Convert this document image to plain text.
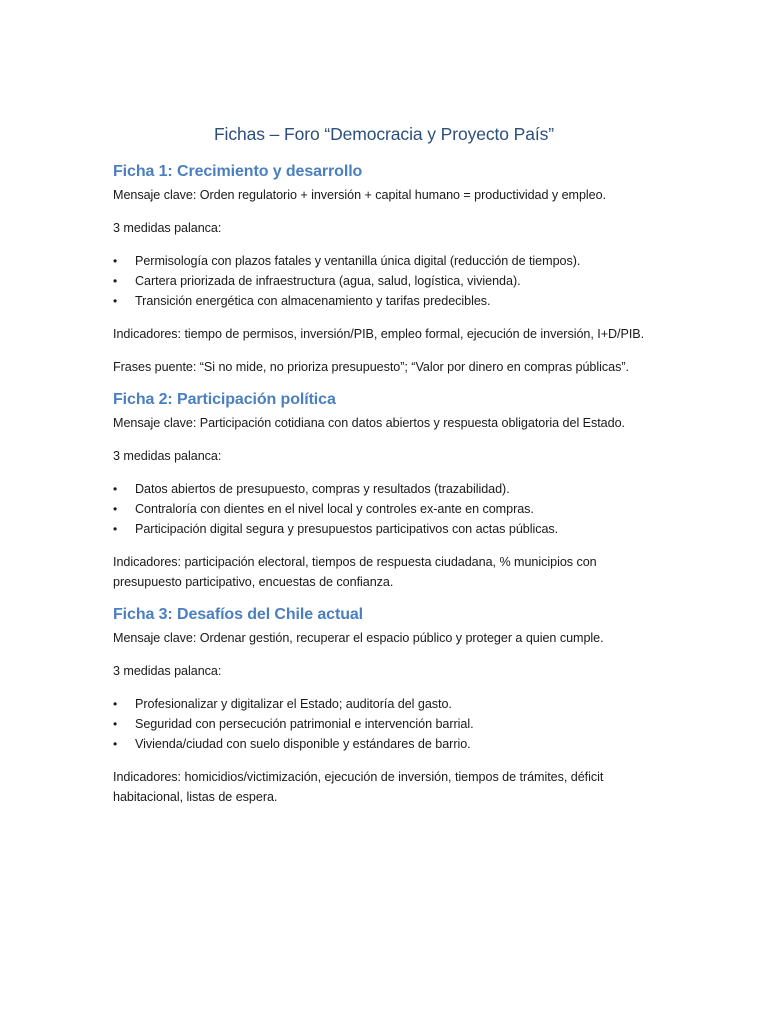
Fichas – Foro “Democracia y Proyecto País”
Ficha 1: Crecimiento y desarrollo

Mensaje clave: Orden regulatorio + inversión + capital humano = productividad y empleo.

3 medidas palanca:

• Permisología con plazos fatales y ventanilla única digital (reducción de tiempos).
• Cartera priorizada de infraestructura (agua, salud, logística, vivienda).
• Transición energética con almacenamiento y tarifas predecibles.

Indicadores: tiempo de permisos, inversión/PIB, empleo formal, ejecución de inversión, I+D/PIB.

Frases puente: “Si no mide, no prioriza presupuesto”; “Valor por dinero en compras públicas”.

Ficha 2: Participación política

Mensaje clave: Participación cotidiana con datos abiertos y respuesta obligatoria del Estado.

3 medidas palanca:

• Datos abiertos de presupuesto, compras y resultados (trazabilidad).
• Contraloría con dientes en el nivel local y controles ex-ante en compras.
• Participación digital segura y presupuestos participativos con actas públicas.

Indicadores: participación electoral, tiempos de respuesta ciudadana, % municipios con

presupuesto participativo, encuestas de confianza.

Ficha 3: Desafíos del Chile actual

Mensaje clave: Ordenar gestión, recuperar el espacio público y proteger a quien cumple.

3 medidas palanca:

• Profesionalizar y digitalizar el Estado; auditoría del gasto.
• Seguridad con persecución patrimonial e intervención barrial.
• Vivienda/ciudad con suelo disponible y estándares de barrio.

Indicadores: homicidios/victimización, ejecución de inversión, tiempos de trámites, déficit

habitacional, listas de espera.
